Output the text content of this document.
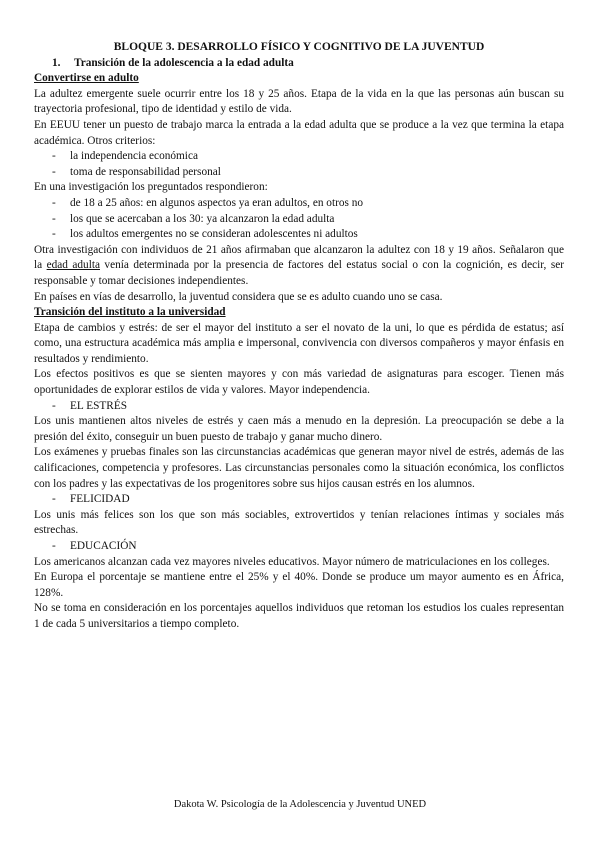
BLOQUE 3. DESARROLLO FÍSICO Y COGNITIVO DE LA JUVENTUD

1. Transición de la adolescencia a la edad adulta

Convertirse en adulto

La adultez emergente suele ocurrir entre los 18 y 25 años. Etapa de la vida en la que las personas aún buscan su trayectoria profesional, tipo de identidad y estilo de vida.

En EEUU tener un puesto de trabajo marca la entrada a la edad adulta que se produce a la vez que termina la etapa académica. Otros criterios:

- la independencia económica
- toma de responsabilidad personal

En una investigación los preguntados respondieron:

- de 18 a 25 años: en algunos aspectos ya eran adultos, en otros no
- los que se acercaban a los 30: ya alcanzaron la edad adulta
- los adultos emergentes no se consideran adolescentes ni adultos

Otra investigación con individuos de 21 años afirmaban que alcanzaron la adultez con 18 y 19 años. Señalaron que la edad adulta venía determinada por la presencia de factores del estatus social o con la cognición, es decir, ser responsable y tomar decisiones independientes.

En países en vías de desarrollo, la juventud considera que se es adulto cuando uno se casa.

Transición del instituto a la universidad

Etapa de cambios y estrés: de ser el mayor del instituto a ser el novato de la uni, lo que es pérdida de estatus; así como, una estructura académica más amplia e impersonal, convivencia con diversos compañeros y mayor énfasis en resultados y rendimiento.

Los efectos positivos es que se sienten mayores y con más variedad de asignaturas para escoger. Tienen más oportunidades de explorar estilos de vida y valores. Mayor independencia.

- EL ESTRÉS

Los unis mantienen altos niveles de estrés y caen más a menudo en la depresión. La preocupación se debe a la presión del éxito, conseguir un buen puesto de trabajo y ganar mucho dinero.

Los exámenes y pruebas finales son las circunstancias académicas que generan mayor nivel de estrés, además de las calificaciones, competencia y profesores. Las circunstancias personales como la situación económica, los conflictos con los padres y las expectativas de los progenitores sobre sus hijos causan estrés en los alumnos.

- FELICIDAD

Los unis más felices son los que son más sociables, extrovertidos y tenían relaciones íntimas y sociales más estrechas.

- EDUCACIÓN

Los americanos alcanzan cada vez mayores niveles educativos. Mayor número de matriculaciones en los colleges.

En Europa el porcentaje se mantiene entre el 25% y el 40%. Donde se produce um mayor aumento es en África, 128%.

No se toma en consideración en los porcentajes aquellos individuos que retoman los estudios los cuales representan 1 de cada 5 universitarios a tiempo completo.

Dakota W. Psicología de la Adolescencia y Juventud UNED
